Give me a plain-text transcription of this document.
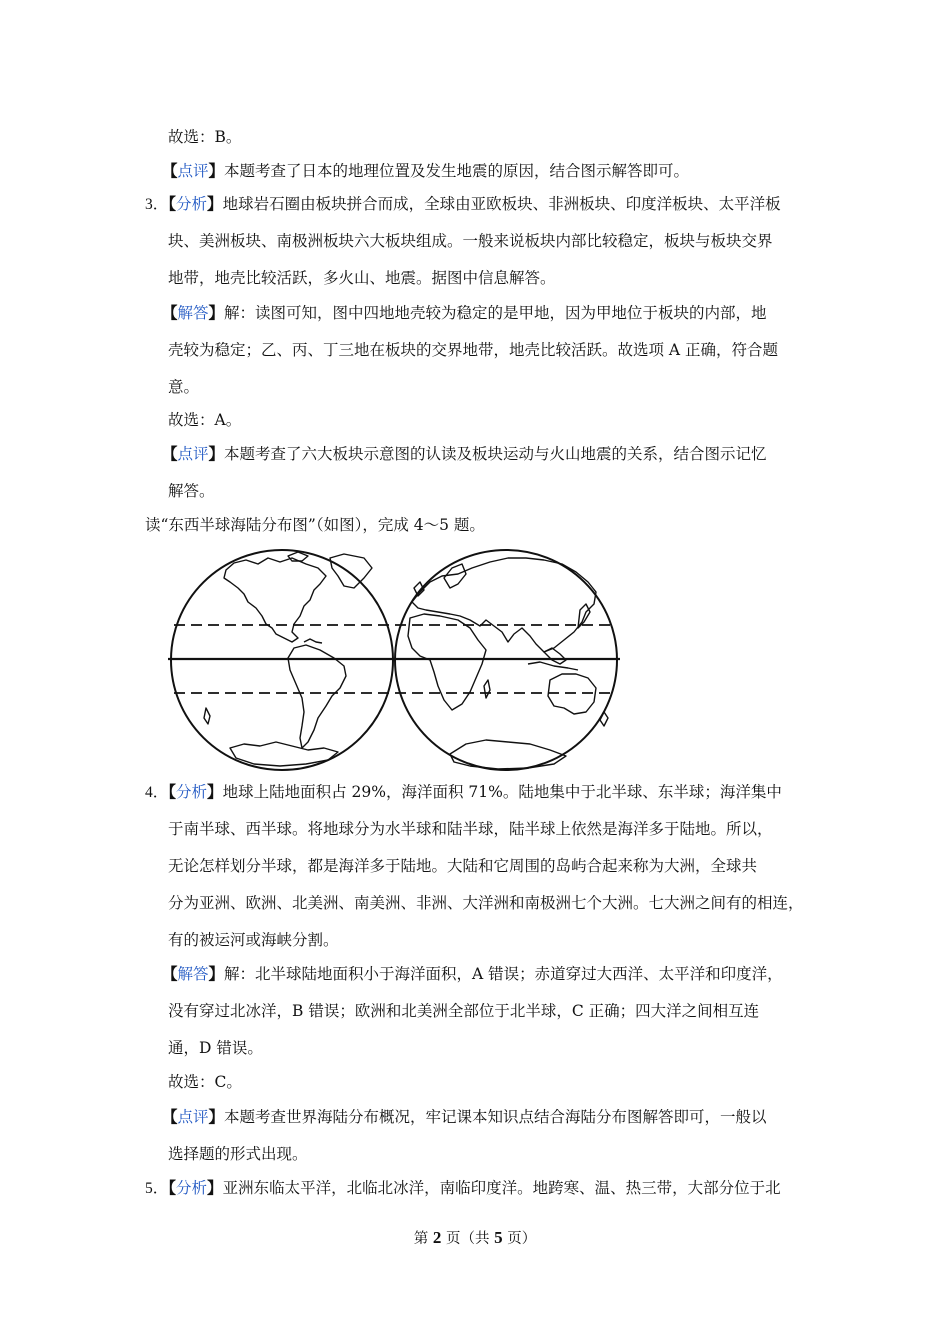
故选：B。
【点评】本题考查了日本的地理位置及发生地震的原因，结合图示解答即可。
3．【分析】地球岩石圈由板块拼合而成，全球由亚欧板块、非洲板块、印度洋板块、太平洋板
块、美洲板块、南极洲板块六大板块组成。一般来说板块内部比较稳定，板块与板块交界
地带，地壳比较活跃，多火山、地震。据图中信息解答。
【解答】解：读图可知，图中四地地壳较为稳定的是甲地，因为甲地位于板块的内部，地
壳较为稳定；乙、丙、丁三地在板块的交界地带，地壳比较活跃。故选项 A 正确，符合题
意。
故选：A。
【点评】本题考查了六大板块示意图的认读及板块运动与火山地震的关系，结合图示记忆
解答。
读“东西半球海陆分布图”（如图），完成 4～5 题。
4．【分析】地球上陆地面积占 29%，海洋面积 71%。陆地集中于北半球、东半球；海洋集中
于南半球、西半球。将地球分为水半球和陆半球，陆半球上依然是海洋多于陆地。所以，
无论怎样划分半球，都是海洋多于陆地。大陆和它周围的岛屿合起来称为大洲，全球共
分为亚洲、欧洲、北美洲、南美洲、非洲、大洋洲和南极洲七个大洲。七大洲之间有的相连，
有的被运河或海峡分割。
【解答】解：北半球陆地面积小于海洋面积，A 错误；赤道穿过大西洋、太平洋和印度洋，
没有穿过北冰洋，B 错误；欧洲和北美洲全部位于北半球，C 正确；四大洋之间相互连
通，D 错误。
故选：C。
【点评】本题考查世界海陆分布概况，牢记课本知识点结合海陆分布图解答即可，一般以
选择题的形式出现。
5．【分析】亚洲东临太平洋，北临北冰洋，南临印度洋。地跨寒、温、热三带，大部分位于北
第 2 页（共 5 页）
